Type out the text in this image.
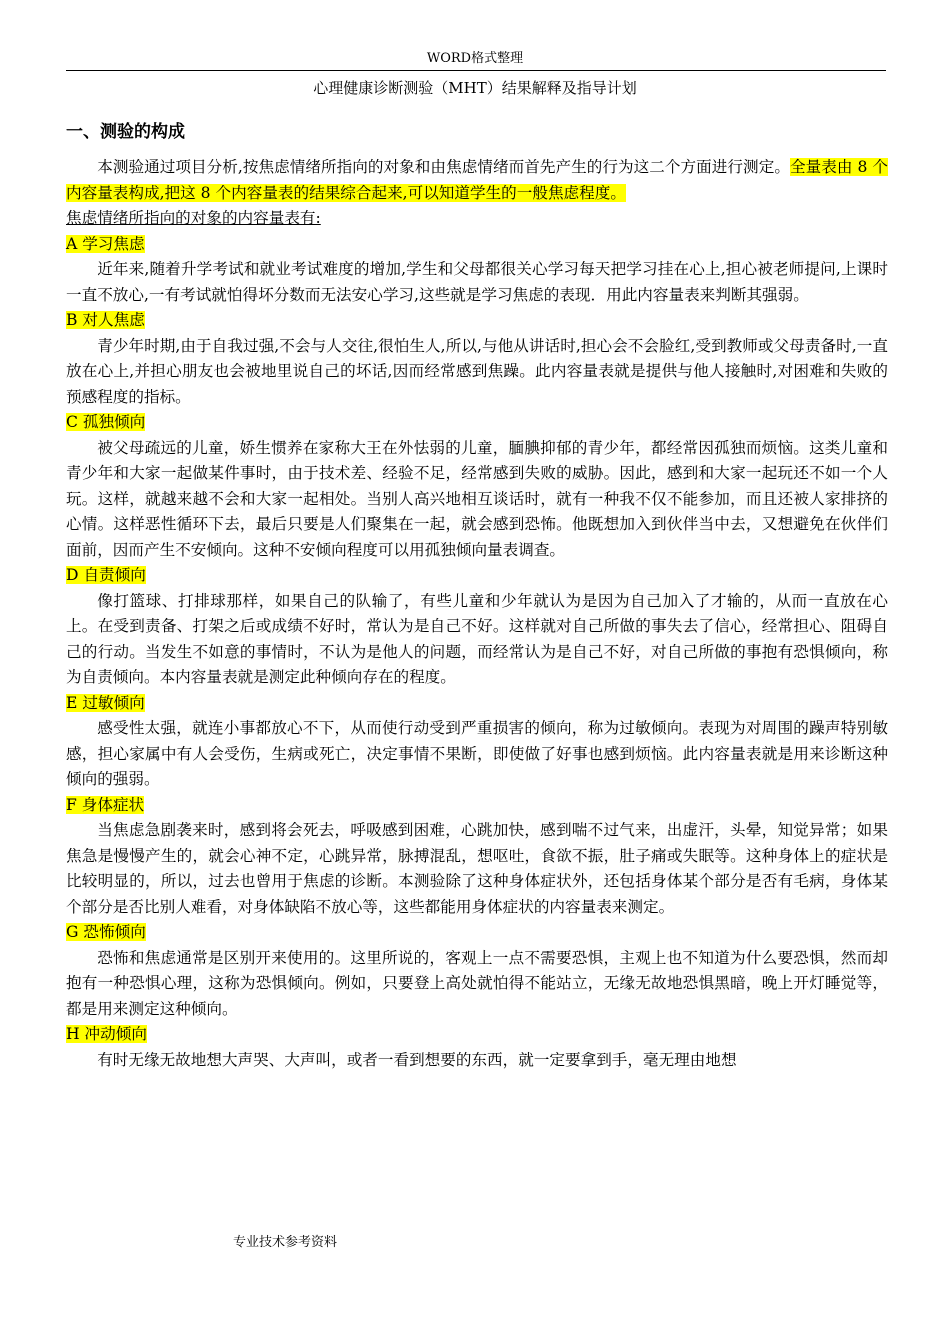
WORD格式整理
心理健康诊断测验（MHT）结果解释及指导计划
一、测验的构成

本测验通过项目分析,按焦虑情绪所指向的对象和由焦虑情绪而首先产生的行为这二个方面进行测定。全量表由 8 个内容量表构成,把这 8 个内容量表的结果综合起来,可以知道学生的一般焦虑程度。

焦虑情绪所指向的对象的内容量表有:

A 学习焦虑

近年来,随着升学考试和就业考试难度的增加,学生和父母都很关心学习每天把学习挂在心上,担心被老师提问,上课时一直不放心,一有考试就怕得坏分数而无法安心学习,这些就是学习焦虑的表现．用此内容量表来判断其强弱。

B 对人焦虑

青少年时期,由于自我过强,不会与人交往,很怕生人,所以,与他从讲话时,担心会不会脸红,受到教师或父母责备时,一直放在心上,并担心朋友也会被地里说自己的坏话,因而经常感到焦躁。此内容量表就是提供与他人接触时,对困难和失败的预感程度的指标。

C 孤独倾向

被父母疏远的儿童，娇生惯养在家称大王在外怯弱的儿童，腼腆抑郁的青少年，都经常因孤独而烦恼。这类儿童和青少年和大家一起做某件事时，由于技术差、经验不足，经常感到失败的威胁。因此，感到和大家一起玩还不如一个人玩。这样，就越来越不会和大家一起相处。当别人高兴地相互谈话时，就有一种我不仅不能参加，而且还被人家排挤的心情。这样恶性循环下去，最后只要是人们聚集在一起，就会感到恐怖。他既想加入到伙伴当中去，又想避免在伙伴们面前，因而产生不安倾向。这种不安倾向程度可以用孤独倾向量表调查。

D 自责倾向

像打篮球、打排球那样，如果自己的队输了，有些儿童和少年就认为是因为自己加入了才输的，从而一直放在心上。在受到责备、打架之后或成绩不好时，常认为是自己不好。这样就对自己所做的事失去了信心，经常担心、阻碍自己的行动。当发生不如意的事情时，不认为是他人的问题，而经常认为是自己不好，对自己所做的事抱有恐惧倾向，称为自责倾向。本内容量表就是测定此种倾向存在的程度。

E 过敏倾向

感受性太强，就连小事都放心不下，从而使行动受到严重损害的倾向，称为过敏倾向。表现为对周围的躁声特别敏感，担心家属中有人会受伤，生病或死亡，决定事情不果断，即使做了好事也感到烦恼。此内容量表就是用来诊断这种倾向的强弱。

F 身体症状

当焦虑急剧袭来时，感到将会死去，呼吸感到困难，心跳加快，感到喘不过气来，出虚汗，头晕，知觉异常；如果焦急是慢慢产生的，就会心神不定，心跳异常，脉搏混乱，想呕吐，食欲不振，肚子痛或失眠等。这种身体上的症状是比较明显的，所以，过去也曾用于焦虑的诊断。本测验除了这种身体症状外，还包括身体某个部分是否有毛病，身体某个部分是否比别人难看，对身体缺陷不放心等，这些都能用身体症状的内容量表来测定。

G 恐怖倾向

恐怖和焦虑通常是区别开来使用的。这里所说的，客观上一点不需要恐惧，主观上也不知道为什么要恐惧，然而却抱有一种恐惧心理，这称为恐惧倾向。例如，只要登上高处就怕得不能站立，无缘无故地恐惧黑暗，晚上开灯睡觉等，都是用来测定这种倾向。

H 冲动倾向

有时无缘无故地想大声哭、大声叫，或者一看到想要的东西，就一定要拿到手，毫无理由地想

专业技术参考资料
